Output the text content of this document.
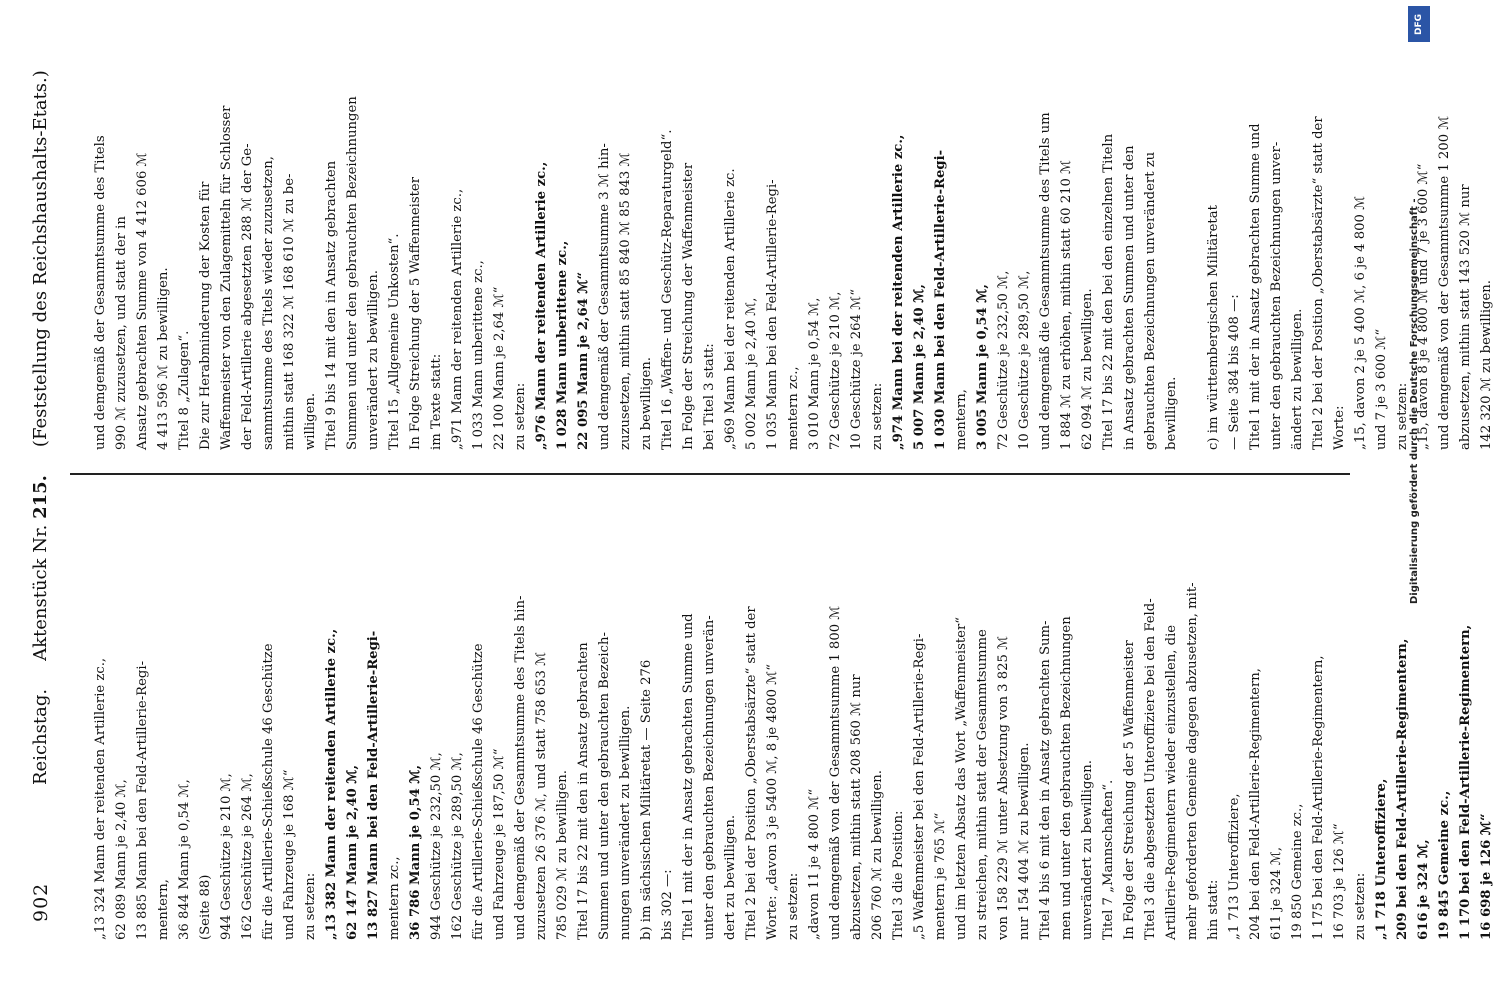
902
Reichstag.Aktenstück Nr. 215.(Feststellung des Reichshaushalts-Etats.)
„13 324 Mann der reitenden Artillerie zc., 62 089 Mann je 2,40 ℳ, 13 885 Mann bei den Feld-Artillerie-Regi- mentern, 36 844 Mann je 0,54 ℳ, (Seite 88) 944 Geschütze je 210 ℳ, 162 Geschütze je 264 ℳ, für die Artillerie-Schießschule 46 Geschütze und Fahrzeuge je 168 ℳ“ zu setzen: „13 382 Mann der reitenden Artillerie zc., 62 147 Mann je 2,40 ℳ, 13 827 Mann bei den Feld-Artillerie-Regi- mentern zc., 36 786 Mann je 0,54 ℳ, 944 Geschütze je 232,50 ℳ, 162 Geschütze je 289,50 ℳ, für die Artillerie-Schießschule 46 Geschütze und Fahrzeuge je 187,50 ℳ“ und demgemäß der Gesammtsumme des Titels hin- zuzusetzen 26 376 ℳ, und statt 758 653 ℳ 785 029 ℳ zu bewilligen. Titel 17 bis 22 mit den in Ansatz gebrachten Summen und unter den gebrauchten Bezeich- nungen unverändert zu bewilligen. b) im sächsischen Militäretat — Seite 276 bis 302 —: Titel 1 mit der in Ansatz gebrachten Summe und unter den gebrauchten Bezeichnungen unverän- dert zu bewilligen. Titel 2 bei der Position „Oberstabsärzte“ statt der Worte: „davon 3 je 5400 ℳ, 8 je 4800 ℳ“ zu setzen: „davon 11 je 4 800 ℳ“ und demgemäß von der Gesammtsumme 1 800 ℳ abzusetzen, mithin statt 208 560 ℳ nur 206 760 ℳ zu bewilligen. Titel 3 die Position: „5 Waffenmeister bei den Feld-Artillerie-Regi- mentern je 765 ℳ“ und im letzten Absatz das Wort „Waffenmeister“ zu streichen, mithin statt der Gesammtsumme von 158 229 ℳ unter Absetzung von 3 825 ℳ nur 154 404 ℳ zu bewilligen. Titel 4 bis 6 mit den in Ansatz gebrachten Sum- men und unter den gebrauchten Bezeichnungen unverändert zu bewilligen. Titel 7 „Mannschaften“. In Folge der Streichung der 5 Waffenmeister Titel 3 die abgesetzten Unteroffiziere bei den Feld- Artillerie-Regimentern wieder einzustellen, die mehr geforderten Gemeine dagegen abzusetzen, mit- hin statt: „1 713 Unteroffiziere, 204 bei den Feld-Artillerie-Regimentern, 611 je 324 ℳ, 19 850 Gemeine zc., 1 175 bei den Feld-Artillerie-Regimentern, 16 703 je 126 ℳ“ zu setzen: „1 718 Unteroffiziere, 209 bei den Feld-Artillerie-Regimentern, 616 je 324 ℳ, 19 845 Gemeine zc., 1 170 bei den Feld-Artillerie-Regimentern, 16 698 je 126 ℳ“
und demgemäß der Gesammtsumme des Titels 990 ℳ zuzusetzen, und statt der in Ansatz gebrachten Summe von 4 412 606 ℳ 4 413 596 ℳ zu bewilligen. Titel 8 „Zulagen“. Die zur Herabminderung der Kosten für Waffenmeister von den Zulagemitteln für Schlosser der Feld-Artillerie abgesetzten 288 ℳ der Ge- sammtsumme des Titels wieder zuzusetzen, mithin statt 168 322 ℳ 168 610 ℳ zu be- willigen. Titel 9 bis 14 mit den in Ansatz gebrachten Summen und unter den gebrauchten Bezeichnungen unverändert zu bewilligen. Titel 15 „Allgemeine Unkosten“. In Folge Streichung der 5 Waffenmeister im Texte statt: „971 Mann der reitenden Artillerie zc., 1 033 Mann unberittene zc., 22 100 Mann je 2,64 ℳ“ zu setzen: „976 Mann der reitenden Artillerie zc., 1 028 Mann unberittene zc., 22 095 Mann je 2,64 ℳ“ und demgemäß der Gesammtsumme 3 ℳ hin- zuzusetzen, mithin statt 85 840 ℳ 85 843 ℳ zu bewilligen. Titel 16 „Waffen- und Geschütz-Reparaturgeld“. In Folge der Streichung der Waffenmeister bei Titel 3 statt: „969 Mann bei der reitenden Artillerie zc. 5 002 Mann je 2,40 ℳ, 1 035 Mann bei den Feld-Artillerie-Regi- mentern zc., 3 010 Mann je 0,54 ℳ, 72 Geschütze je 210 ℳ, 10 Geschütze je 264 ℳ“ zu setzen: „974 Mann bei der reitenden Artillerie zc., 5 007 Mann je 2,40 ℳ, 1 030 Mann bei den Feld-Artillerie-Regi- mentern, 3 005 Mann je 0,54 ℳ, 72 Geschütze je 232,50 ℳ, 10 Geschütze je 289,50 ℳ, und demgemäß die Gesammtsumme des Titels um 1 884 ℳ zu erhöhen, mithin statt 60 210 ℳ 62 094 ℳ zu bewilligen. Titel 17 bis 22 mit den bei den einzelnen Titeln in Ansatz gebrachten Summen und unter den gebrauchten Bezeichnungen unverändert zu bewilligen. c) im württembergischen Militäretat — Seite 384 bis 408 —: Titel 1 mit der in Ansatz gebrachten Summe und unter den gebrauchten Bezeichnungen unver- ändert zu bewilligen. Titel 2 bei der Position „Oberstabsärzte“ statt der Worte: „15, davon 2 je 5 400 ℳ, 6 je 4 800 ℳ und 7 je 3 600 ℳ“ zu setzen: „15, davon 8 je 4 800 ℳ und 7 je 3 600 ℳ“ und demgemäß von der Gesammtsumme 1 200 ℳ abzusetzen, mithin statt 143 520 ℳ nur 142 320 ℳ zu bewilligen.
DFG
Digitalisierung gefördert durch die Deutsche Forschungsgemeinschaft -
